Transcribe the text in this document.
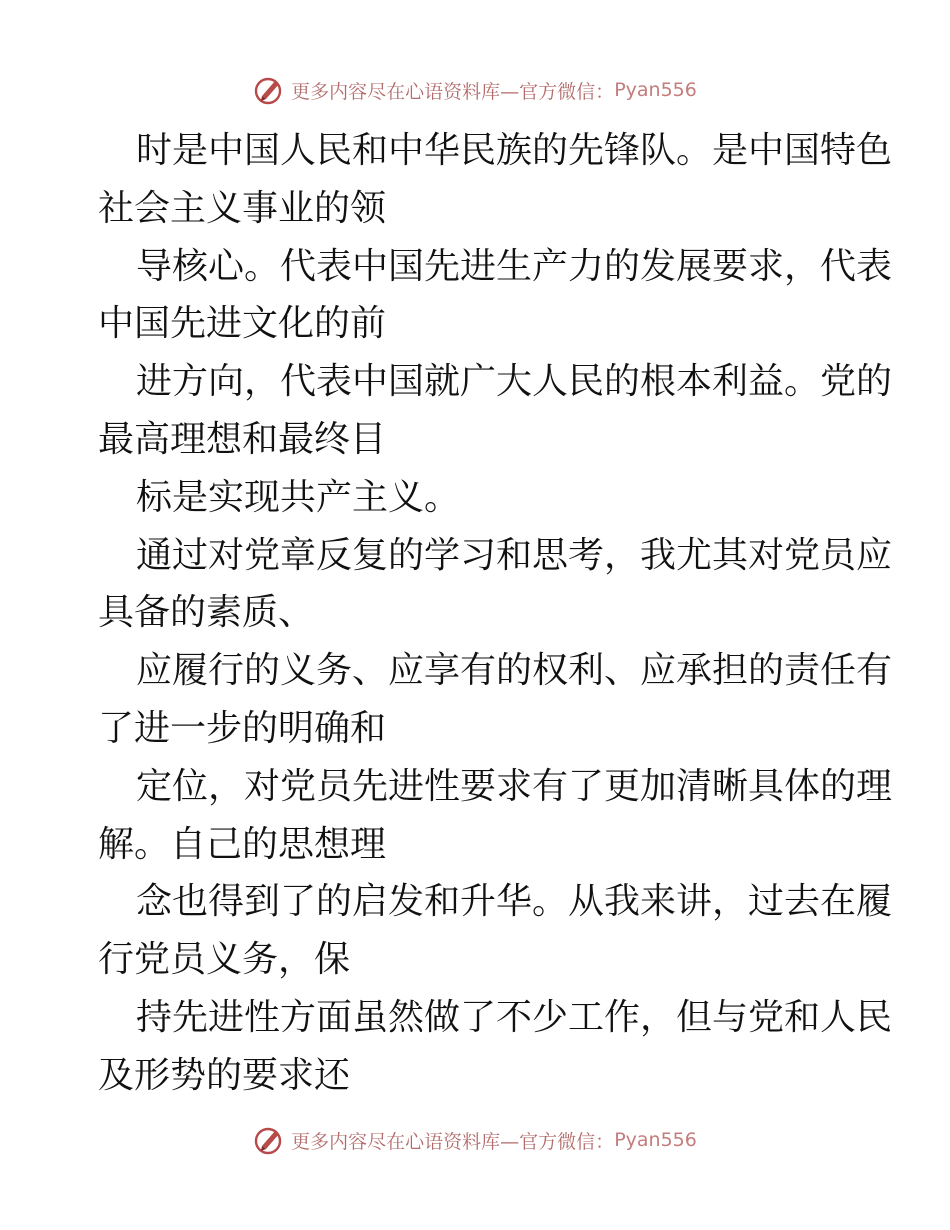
更多内容尽在心语资料库— 官方微信： Pyan556
时是中国人民和中华民族的先锋队。是中国特色
社会主义事业的领
导核心。代表中国先进生产力的发展要求，代表
中国先进文化的前
进方向，代表中国就广大人民的根本利益。党的
最高理想和最终目
标是实现共产主义。
通过对党章反复的学习和思考，我尤其对党员应
具备的素质、
应履行的义务、应享有的权利、应承担的责任有
了进一步的明确和
定位，对党员先进性要求有了更加清晰具体的理
解。自己的思想理
念也得到了的启发和升华。从我来讲，过去在履
行党员义务，保
持先进性方面虽然做了不少工作，但与党和人民
及形势的要求还
更多内容尽在心语资料库— 官方微信： Pyan556
